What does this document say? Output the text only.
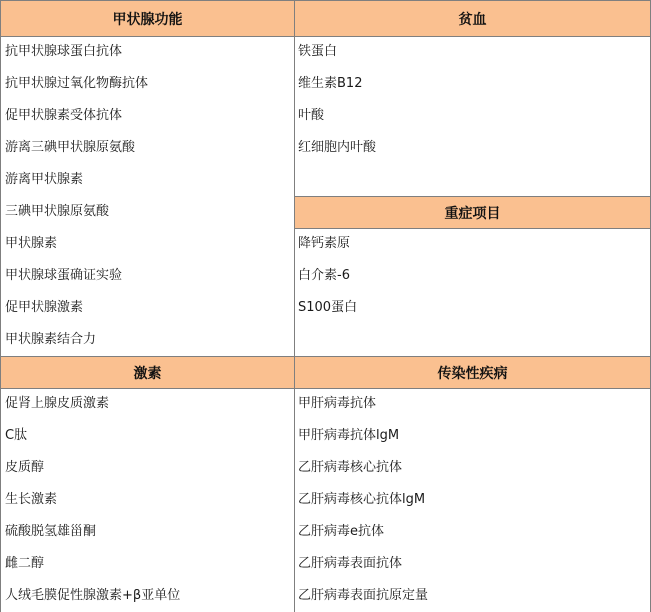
甲状腺功能	贫血
重症项目
激素	传染性疾病
抗甲状腺球蛋白抗体
抗甲状腺过氧化物酶抗体
促甲状腺素受体抗体
游离三碘甲状腺原氨酸
游离甲状腺素
三碘甲状腺原氨酸
甲状腺素
甲状腺球蛋确证实验
促甲状腺激素
甲状腺素结合力
铁蛋白
维生素B12
叶酸
红细胞内叶酸
降钙素原
白介素-6
S100蛋白
促肾上腺皮质激素
C肽
皮质醇
生长激素
硫酸脱氢雄甾酮
雌二醇
人绒毛膜促性腺激素+β亚单位
甲肝病毒抗体
甲肝病毒抗体lgM
乙肝病毒核心抗体
乙肝病毒核心抗体lgM
乙肝病毒e抗体
乙肝病毒表面抗体
乙肝病毒表面抗原定量
